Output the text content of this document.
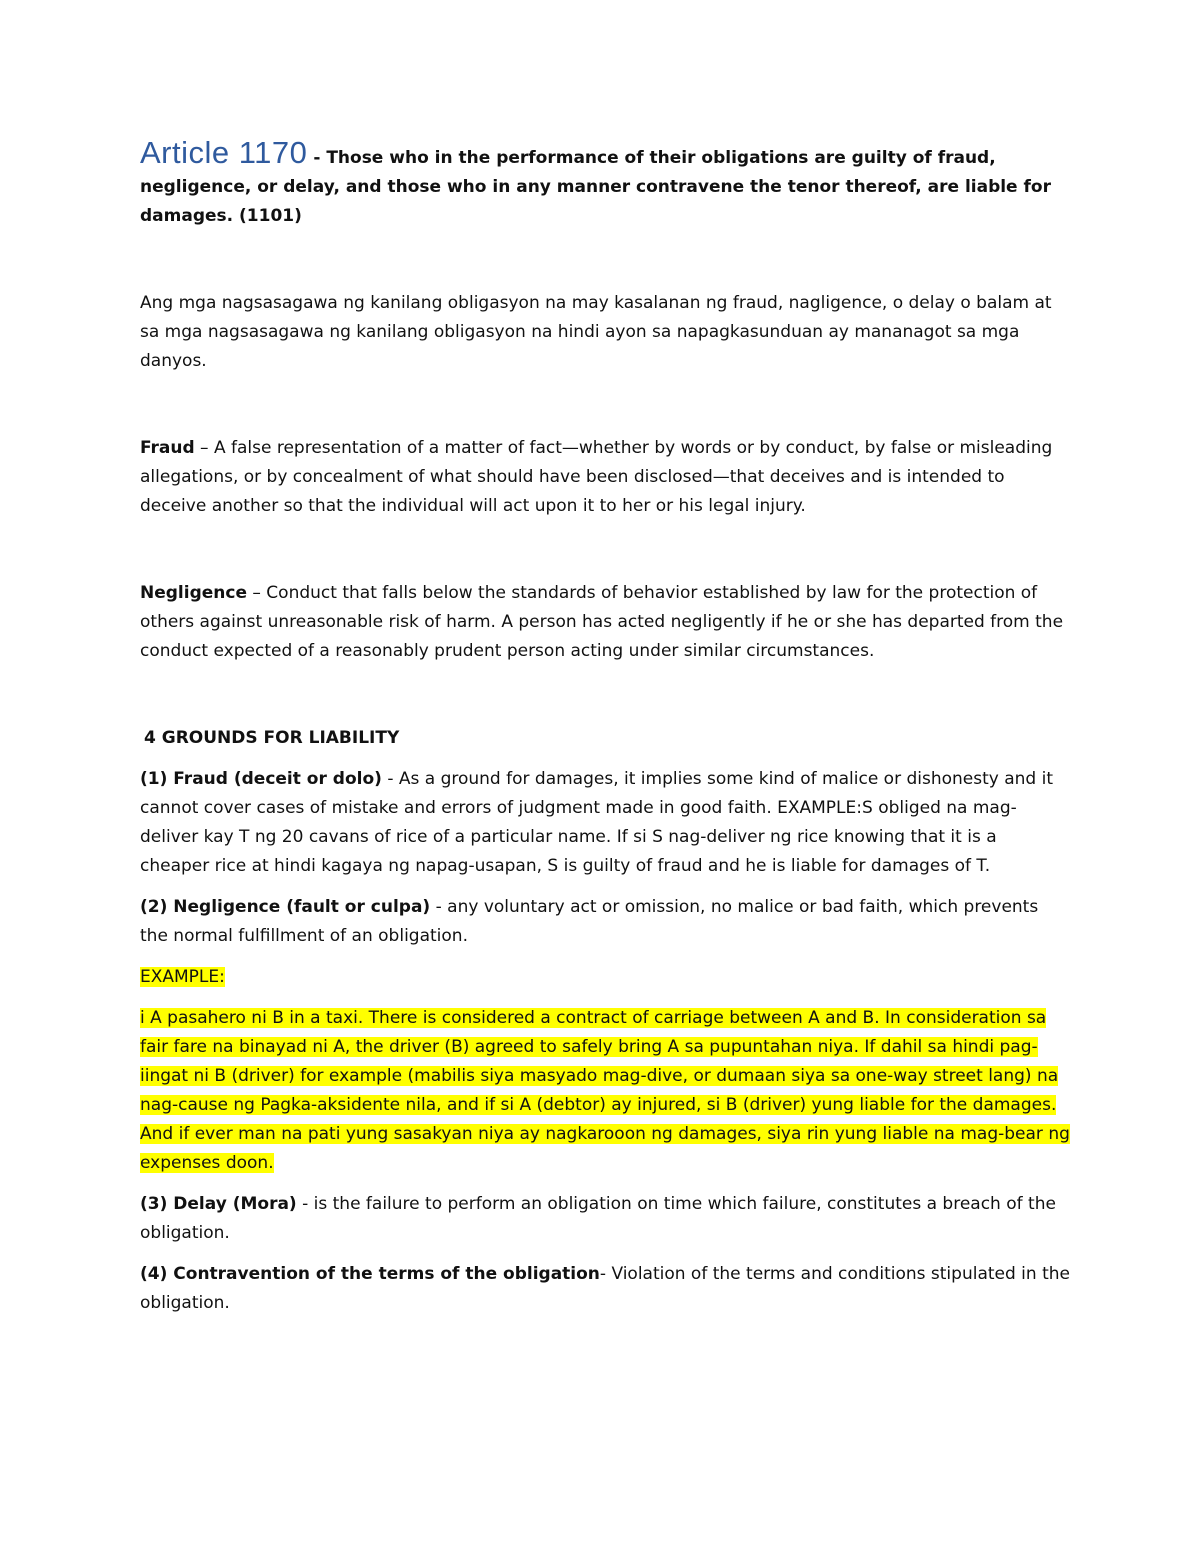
Article 1170 - Those who in the performance of their obligations are guilty of fraud, negligence, or delay, and those who in any manner contravene the tenor thereof, are liable for damages. (1101)

Ang mga nagsasagawa ng kanilang obligasyon na may kasalanan ng fraud, nagligence, o delay o balam at sa mga nagsasagawa ng kanilang obligasyon na hindi ayon sa napagkasunduan ay mananagot sa mga danyos.

Fraud – A false representation of a matter of fact—whether by words or by conduct, by false or misleading allegations, or by concealment of what should have been disclosed—that deceives and is intended to deceive another so that the individual will act upon it to her or his legal injury.

Negligence – Conduct that falls below the standards of behavior established by law for the protection of others against unreasonable risk of harm. A person has acted negligently if he or she has departed from the conduct expected of a reasonably prudent person acting under similar circumstances.

4 GROUNDS FOR LIABILITY

(1) Fraud (deceit or dolo) - As a ground for damages, it implies some kind of malice or dishonesty and it cannot cover cases of mistake and errors of judgment made in good faith. EXAMPLE:S obliged na mag-deliver kay T ng 20 cavans of rice of a particular name. If si S nag-deliver ng rice knowing that it is a cheaper rice at hindi kagaya ng napag-usapan, S is guilty of fraud and he is liable for damages of T.

(2) Negligence (fault or culpa) - any voluntary act or omission, no malice or bad faith, which prevents the normal fulfillment of an obligation.

EXAMPLE:

i A pasahero ni B in a taxi. There is considered a contract of carriage between A and B. In consideration sa fair fare na binayad ni A, the driver (B) agreed to safely bring A sa pupuntahan niya. If dahil sa hindi pag-iingat ni B (driver) for example (mabilis siya masyado mag-dive, or dumaan siya sa one-way street lang) na nag-cause ng Pagka-aksidente nila, and if si A (debtor) ay injured, si B (driver) yung liable for the damages. And if ever man na pati yung sasakyan niya ay nagkarooon ng damages, siya rin yung liable na mag-bear ng expenses doon.

(3) Delay (Mora) - is the failure to perform an obligation on time which failure, constitutes a breach of the obligation.

(4) Contravention of the terms of the obligation- Violation of the terms and conditions stipulated in the obligation.
